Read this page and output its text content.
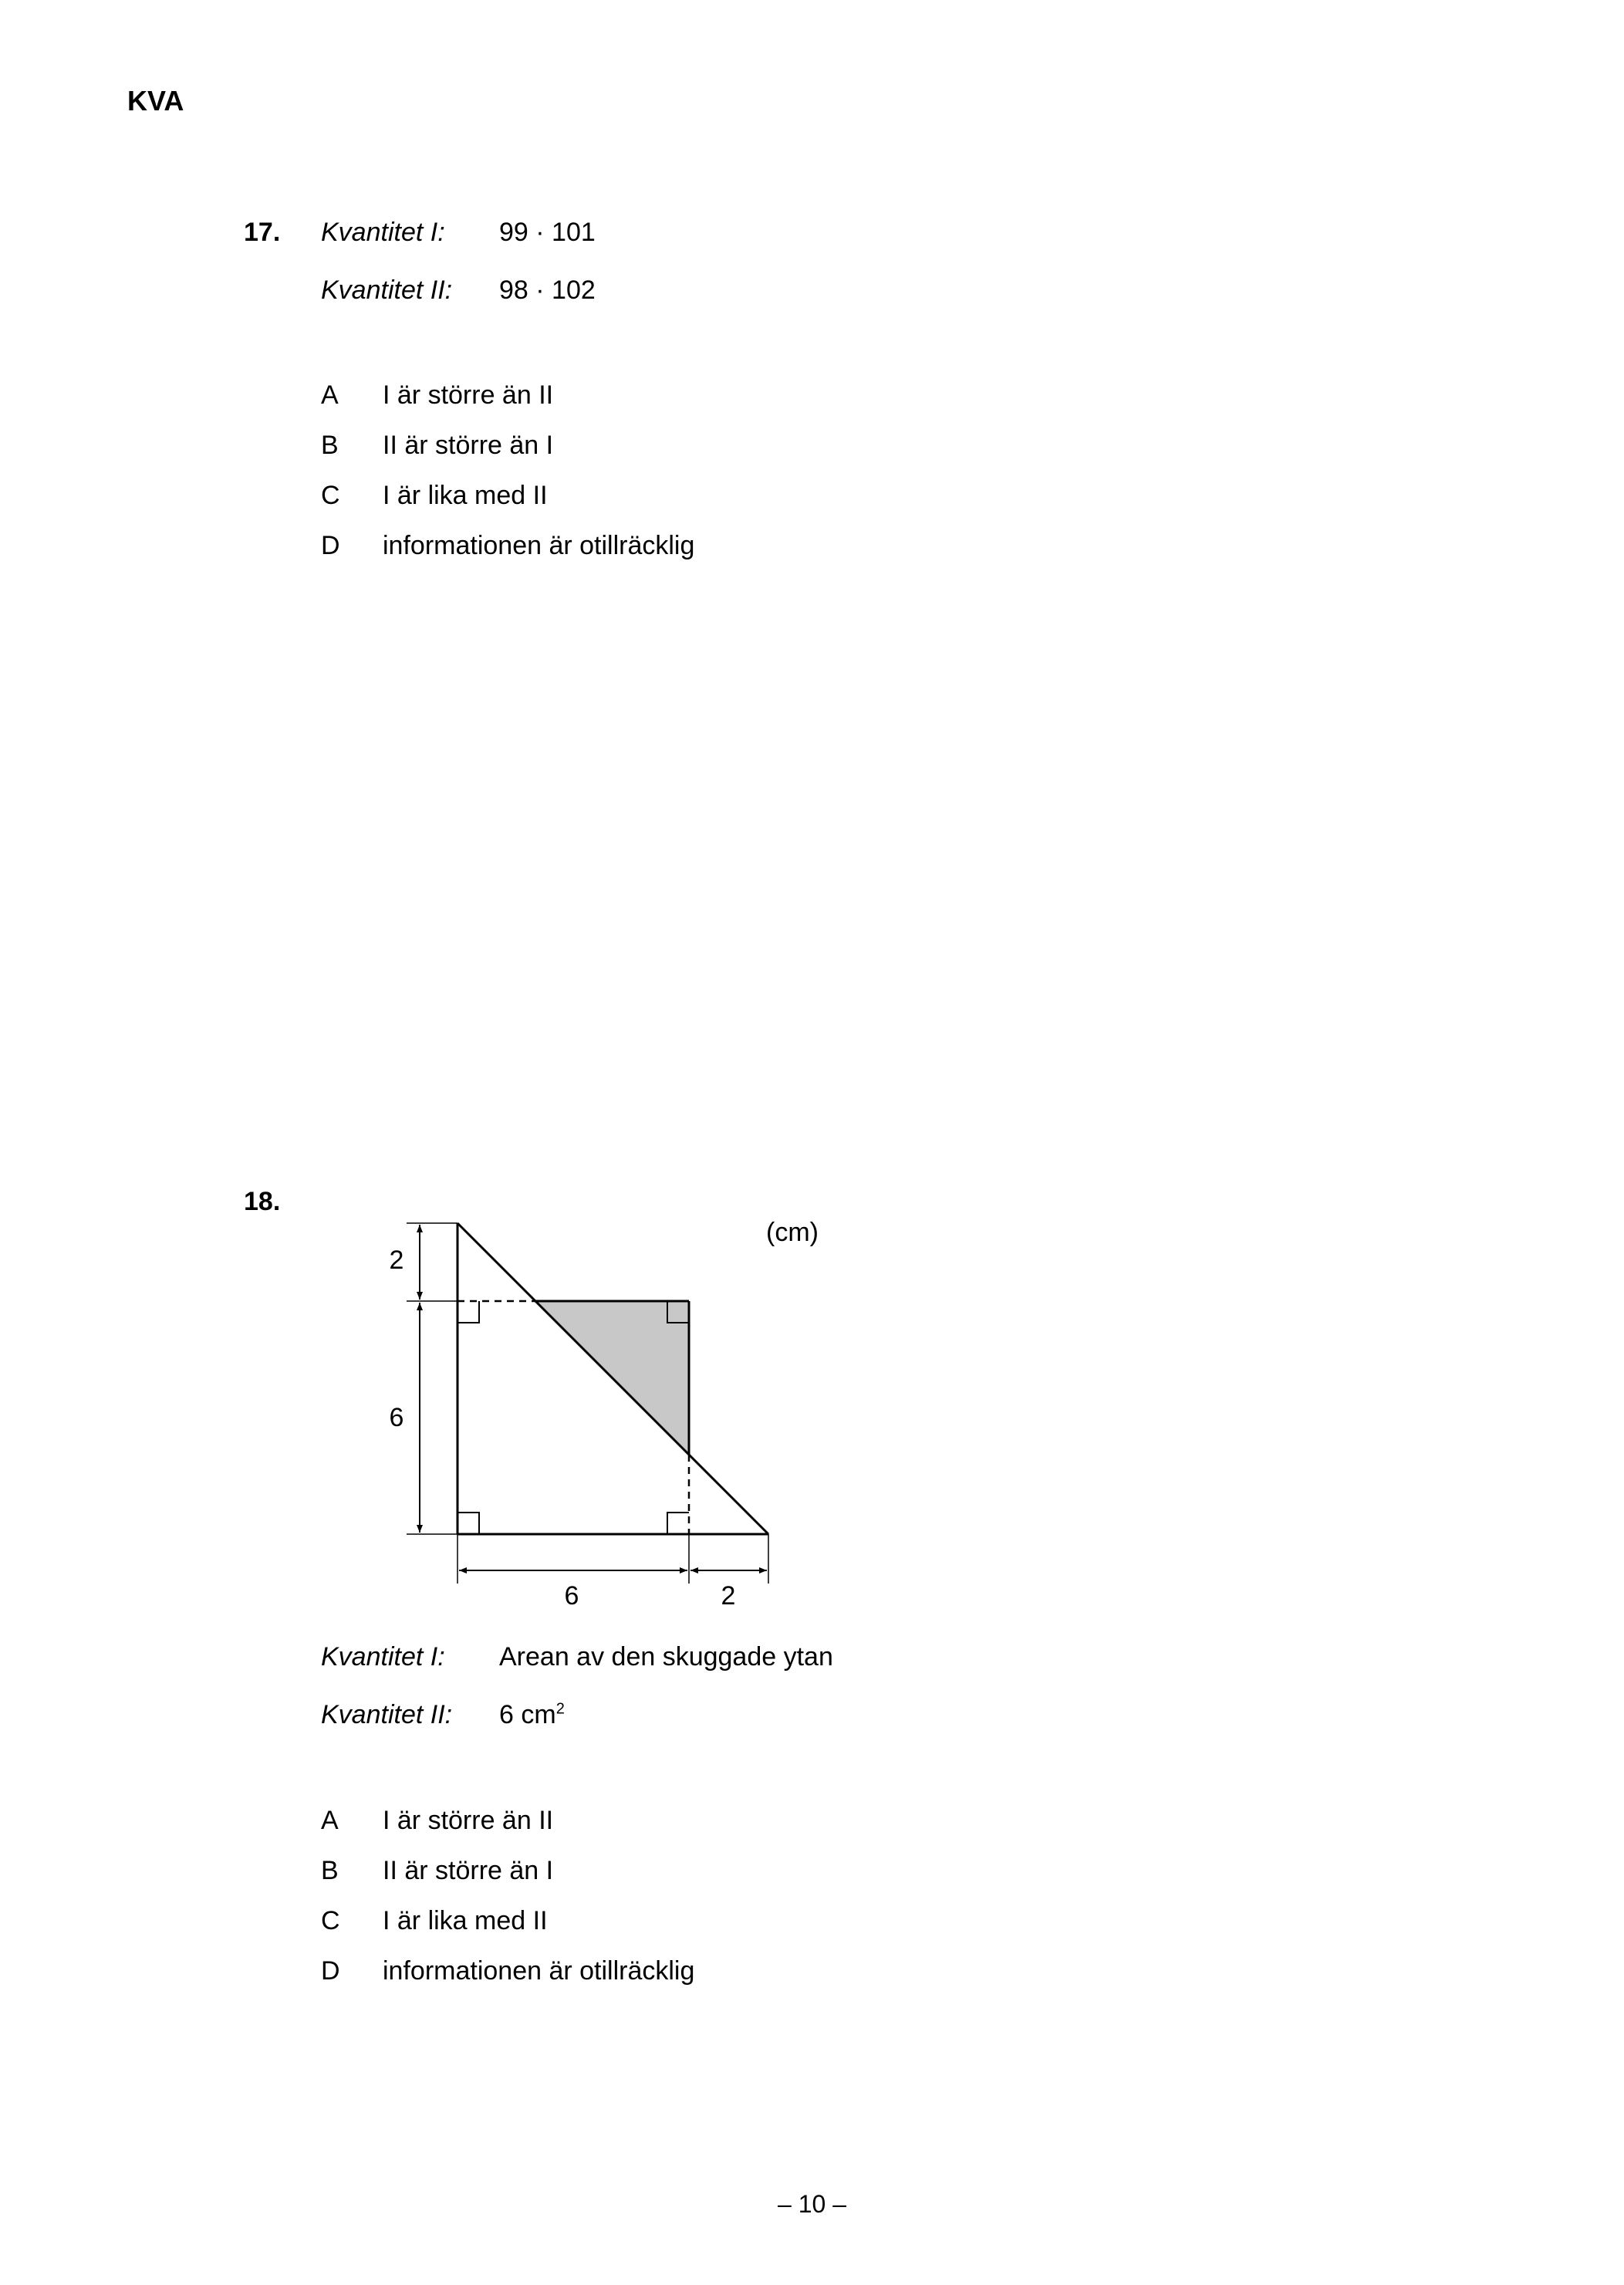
KVA
17. Kvantitet I: 99 · 101
Kvantitet II: 98 · 102
A I är större än II
B II är större än I
C I är lika med II
D informationen är otillräcklig
18.
2
6
6	2
(cm)
Kvantitet I: Arean av den skuggade ytan
Kvantitet II: 6 $cm^2$
A I är större än II
B II är större än I
C I är lika med II
D informationen är otillräcklig
– 10 –
